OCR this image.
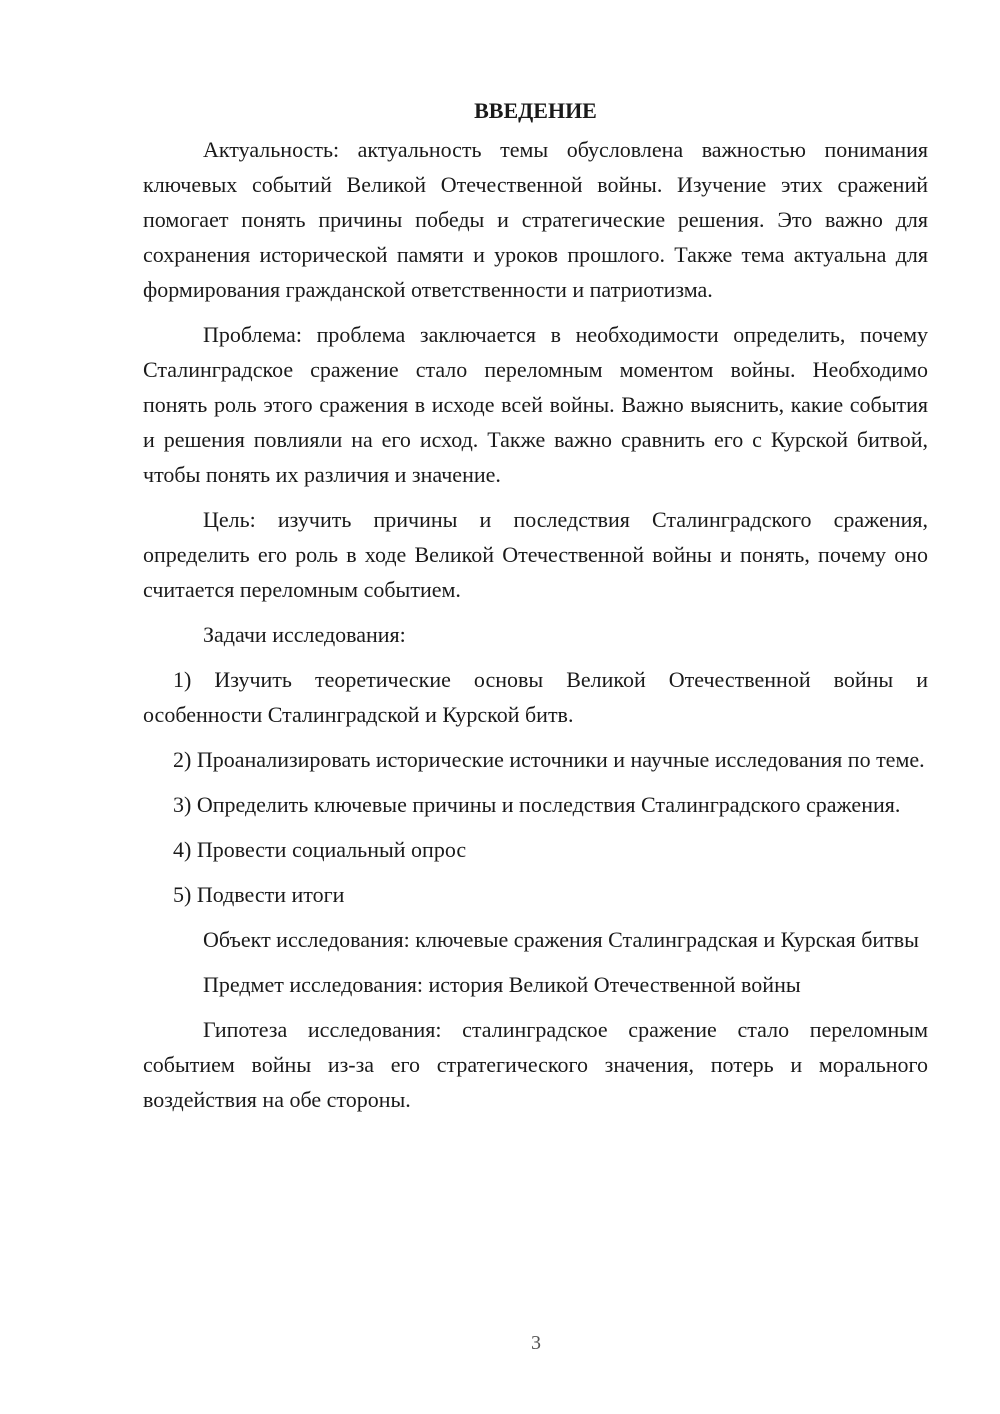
ВВЕДЕНИЕ

Актуальность: актуальность темы обусловлена важностью понимания ключевых событий Великой Отечественной войны. Изучение этих сражений помогает понять причины победы и стратегические решения. Это важно для сохранения исторической памяти и уроков прошлого. Также тема актуальна для формирования гражданской ответственности и патриотизма.

Проблема: проблема заключается в необходимости определить, почему Сталинградское сражение стало переломным моментом войны. Необходимо понять роль этого сражения в исходе всей войны. Важно выяснить, какие события и решения повлияли на его исход. Также важно сравнить его с Курской битвой, чтобы понять их различия и значение.

Цель: изучить причины и последствия Сталинградского сражения, определить его роль в ходе Великой Отечественной войны и понять, почему оно считается переломным событием.

Задачи исследования:

1) Изучить теоретические основы Великой Отечественной войны и особенности Сталинградской и Курской битв.

2) Проанализировать исторические источники и научные исследования по теме.

3) Определить ключевые причины и последствия Сталинградского сражения.

4) Провести социальный опрос

5) Подвести итоги

Объект исследования: ключевые сражения Сталинградская и Курская битвы

Предмет исследования: история Великой Отечественной войны

Гипотеза исследования: сталинградское сражение стало переломным событием войны из-за его стратегического значения, потерь и морального воздействия на обе стороны.

3
